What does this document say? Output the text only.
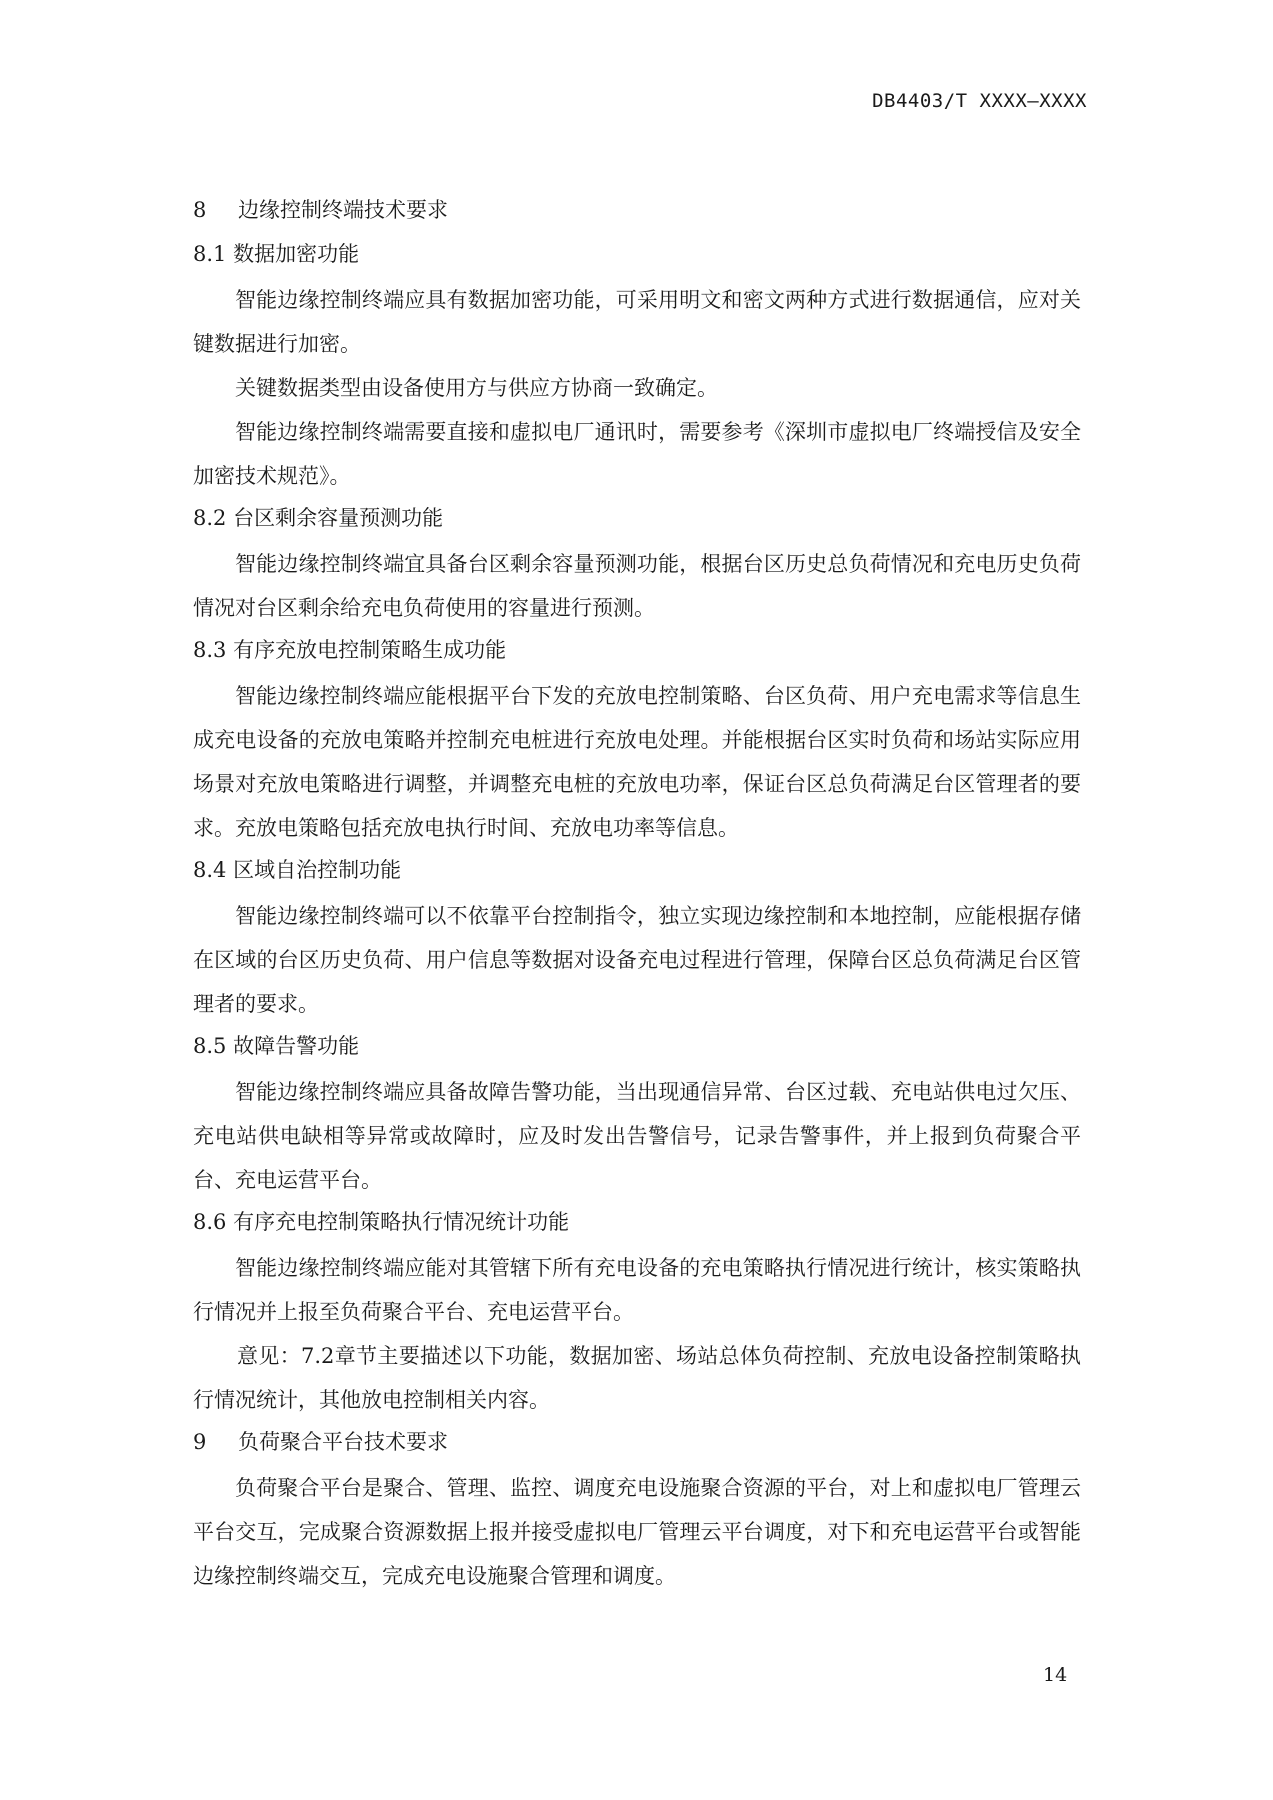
DB4403/T XXXX—XXXX
8 边缘控制终端技术要求
8.1 数据加密功能

智能边缘控制终端应具有数据加密功能，可采用明文和密文两种方式进行数据通信，应对关键数据进行加密。

关键数据类型由设备使用方与供应方协商一致确定。

智能边缘控制终端需要直接和虚拟电厂通讯时，需要参考《深圳市虚拟电厂终端授信及安全加密技术规范》。

8.2 台区剩余容量预测功能

智能边缘控制终端宜具备台区剩余容量预测功能，根据台区历史总负荷情况和充电历史负荷情况对台区剩余给充电负荷使用的容量进行预测。

8.3 有序充放电控制策略生成功能

智能边缘控制终端应能根据平台下发的充放电控制策略、台区负荷、用户充电需求等信息生成充电设备的充放电策略并控制充电桩进行充放电处理。并能根据台区实时负荷和场站实际应用场景对充放电策略进行调整，并调整充电桩的充放电功率，保证台区总负荷满足台区管理者的要求。充放电策略包括充放电执行时间、充放电功率等信息。

8.4 区域自治控制功能

智能边缘控制终端可以不依靠平台控制指令，独立实现边缘控制和本地控制，应能根据存储在区域的台区历史负荷、用户信息等数据对设备充电过程进行管理，保障台区总负荷满足台区管理者的要求。

8.5 故障告警功能

智能边缘控制终端应具备故障告警功能，当出现通信异常、台区过载、充电站供电过欠压、充电站供电缺相等异常或故障时，应及时发出告警信号，记录告警事件，并上报到负荷聚合平台、充电运营平台。

8.6 有序充电控制策略执行情况统计功能

智能边缘控制终端应能对其管辖下所有充电设备的充电策略执行情况进行统计，核实策略执行情况并上报至负荷聚合平台、充电运营平台。

意见：7.2章节主要描述以下功能，数据加密、场站总体负荷控制、充放电设备控制策略执行情况统计，其他放电控制相关内容。

9 负荷聚合平台技术要求

负荷聚合平台是聚合、管理、监控、调度充电设施聚合资源的平台，对上和虚拟电厂管理云平台交互，完成聚合资源数据上报并接受虚拟电厂管理云平台调度，对下和充电运营平台或智能边缘控制终端交互，完成充电设施聚合管理和调度。

14
